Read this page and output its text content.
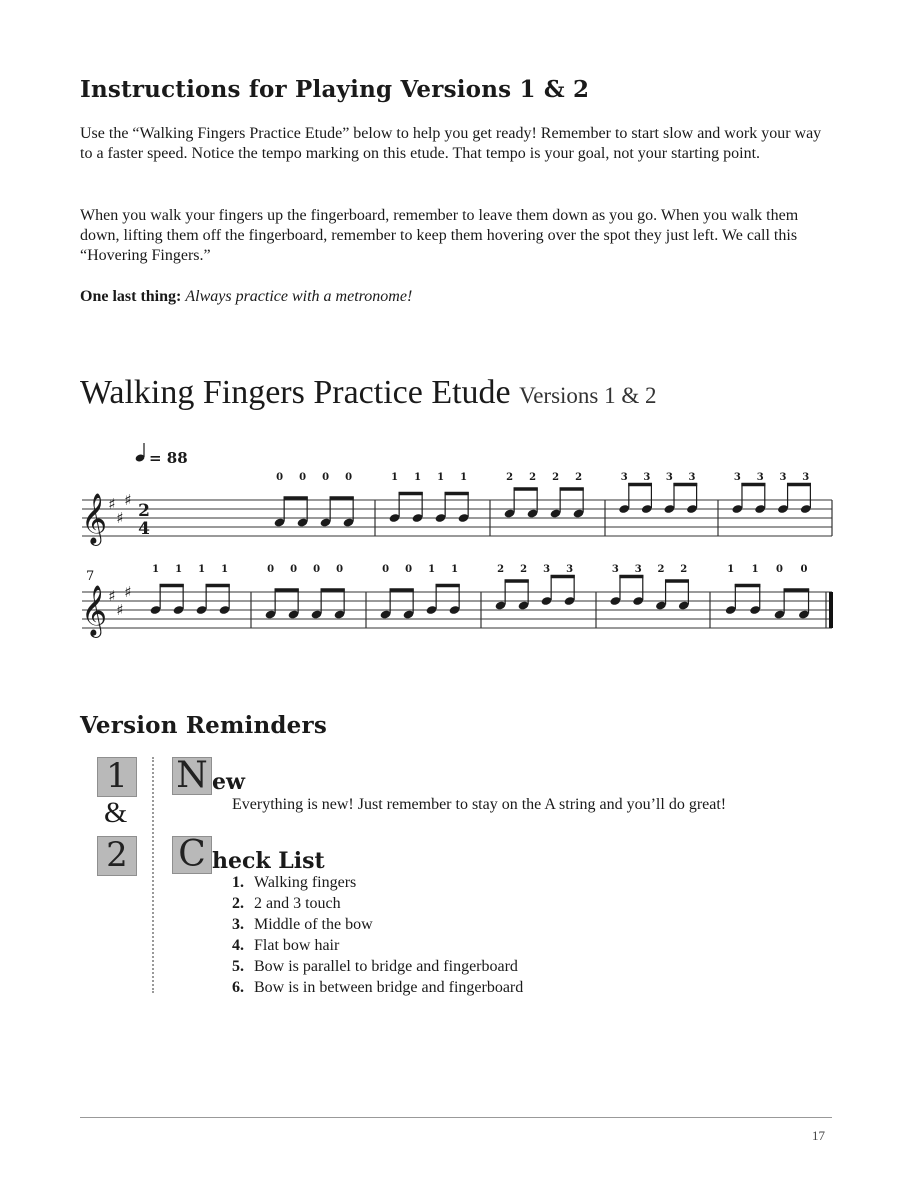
Instructions for Playing Versions 1 & 2
Use the “Walking Fingers Practice Etude” below to help you get ready! Remember to start slow and work your way to a faster speed. Notice the tempo marking on this etude. That tempo is your goal, not your starting point.
When you walk your fingers up the fingerboard, remember to leave them down as you go. When you walk them down, lifting them off the fingerboard, remember to keep them hovering over the spot they just left. We call this “Hovering Fingers.”
One last thing: Always practice with a metronome!
Walking Fingers Practice Etude Versions 1 & 2
= 88
𝄞 ♯
♯
♯
2
4
0 0 0 0	1 1 1 1	2 2 2 2	3 3 3 3	3 3 3 3
𝄞 ♯
♯
♯
7	1 1 1 1	0 0 0 0	0 0 1 1	2 2 3 3	3 3 2 2	1 1 0 0
Version Reminders
1
&
2
N ew
Everything is new! Just remember to stay on the A string and you’ll do great!
C heck List
1. Walking fingers
2. 2 and 3 touch
3. Middle of the bow
4. Flat bow hair
5. Bow is parallel to bridge and fingerboard
6. Bow is in between bridge and fingerboard
17
